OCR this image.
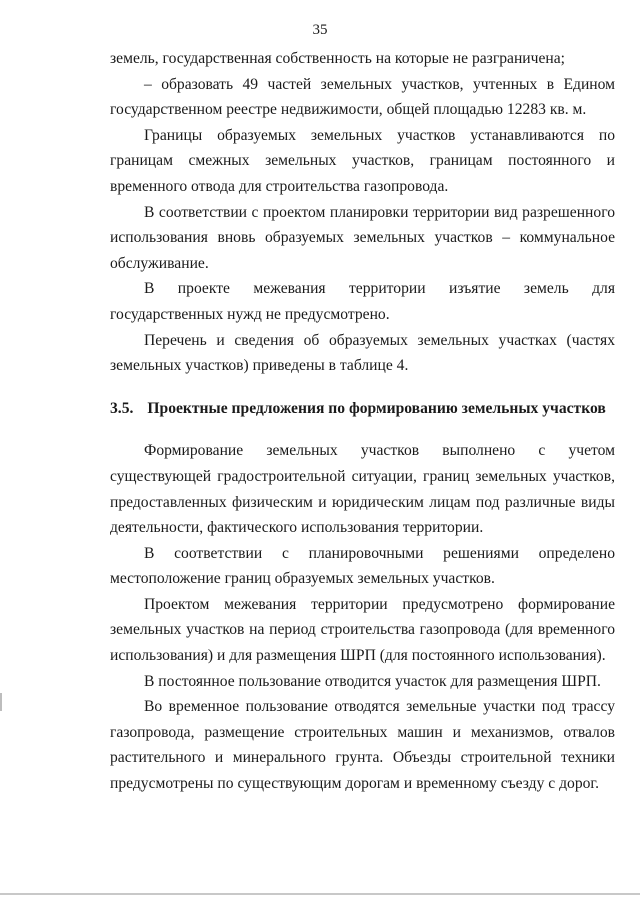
35

земель, государственная собственность на которые не разграничена;

– образовать 49 частей земельных участков, учтенных в Едином государственном реестре недвижимости, общей площадью 12283 кв. м.

Границы образуемых земельных участков устанавливаются по границам смежных земельных участков, границам постоянного и временного отвода для строительства газопровода.

В соответствии с проектом планировки территории вид разрешенного использования вновь образуемых земельных участков – коммунальное обслуживание.

В проекте межевания территории изъятие земель для государственных нужд не предусмотрено.

Перечень и сведения об образуемых земельных участках (частях земельных участков) приведены в таблице 4.

3.5. Проектные предложения по формированию земельных участков

Формирование земельных участков выполнено с учетом существующей градостроительной ситуации, границ земельных участков, предоставленных физическим и юридическим лицам под различные виды деятельности, фактического использования территории.

В соответствии с планировочными решениями определено местоположение границ образуемых земельных участков.

Проектом межевания территории предусмотрено формирование земельных участков на период строительства газопровода (для временного использования) и для размещения ШРП (для постоянного использования).

В постоянное пользование отводится участок для размещения ШРП.

Во временное пользование отводятся земельные участки под трассу газопровода, размещение строительных машин и механизмов, отвалов растительного и минерального грунта. Объезды строительной техники предусмотрены по существующим дорогам и временному съезду с дорог.
